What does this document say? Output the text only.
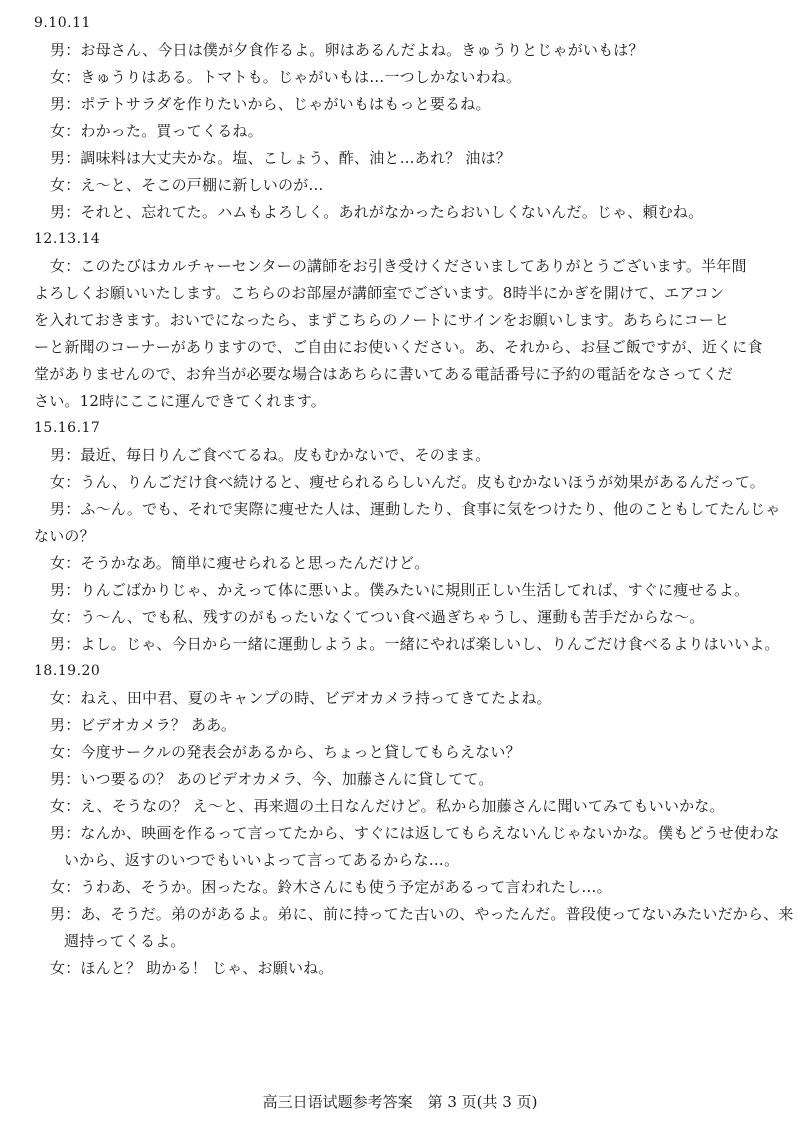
9.10.11
男：お母さん、今日は僕が夕食作るよ。卵はあるんだよね。きゅうりとじゃがいもは？
女：きゅうりはある。トマトも。じゃがいもは…一つしかないわね。
男：ポテトサラダを作りたいから、じゃがいもはもっと要るね。
女：わかった。買ってくるね。
男：調味料は大丈夫かな。塩、こしょう、酢、油と…あれ？ 油は？
女：え～と、そこの戸棚に新しいのが…
男：それと、忘れてた。ハムもよろしく。あれがなかったらおいしくないんだ。じゃ、頼むね。
12.13.14
女：このたびはカルチャーセンターの講師をお引き受けくださいましてありがとうございます。半年間
よろしくお願いいたします。こちらのお部屋が講師室でございます。8時半にかぎを開けて、エアコン
を入れておきます。おいでになったら、まずこちらのノートにサインをお願いします。あちらにコーヒ
ーと新聞のコーナーがありますので、ご自由にお使いください。あ、それから、お昼ご飯ですが、近くに食
堂がありませんので、お弁当が必要な場合はあちらに書いてある電話番号に予約の電話をなさってくだ
さい。12時にここに運んできてくれます。
15.16.17
男：最近、毎日りんご食べてるね。皮もむかないで、そのまま。
女：うん、りんごだけ食べ続けると、痩せられるらしいんだ。皮もむかないほうが効果があるんだって。
男：ふ～ん。でも、それで実際に痩せた人は、運動したり、食事に気をつけたり、他のこともしてたんじゃ
ないの？
女：そうかなあ。簡単に痩せられると思ったんだけど。
男：りんごばかりじゃ、かえって体に悪いよ。僕みたいに規則正しい生活してれば、すぐに痩せるよ。
女：う～ん、でも私、残すのがもったいなくてつい食べ過ぎちゃうし、運動も苦手だからな～。
男：よし。じゃ、今日から一緒に運動しようよ。一緒にやれば楽しいし、りんごだけ食べるよりはいいよ。
18.19.20
女：ねえ、田中君、夏のキャンプの時、ビデオカメラ持ってきてたよね。
男：ビデオカメラ？ ああ。
女：今度サークルの発表会があるから、ちょっと貸してもらえない？
男：いつ要るの？ あのビデオカメラ、今、加藤さんに貸してて。
女：え、そうなの？ え～と、再来週の土日なんだけど。私から加藤さんに聞いてみてもいいかな。
男：なんか、映画を作るって言ってたから、すぐには返してもらえないんじゃないかな。僕もどうせ使わな
いから、返すのいつでもいいよって言ってあるからな…。
女：うわあ、そうか。困ったな。鈴木さんにも使う予定があるって言われたし…。
男：あ、そうだ。弟のがあるよ。弟に、前に持ってた古いの、やったんだ。普段使ってないみたいだから、来
週持ってくるよ。
女：ほんと？ 助かる！ じゃ、お願いね。
高三日语试题参考答案　第 3 页(共 3 页)
